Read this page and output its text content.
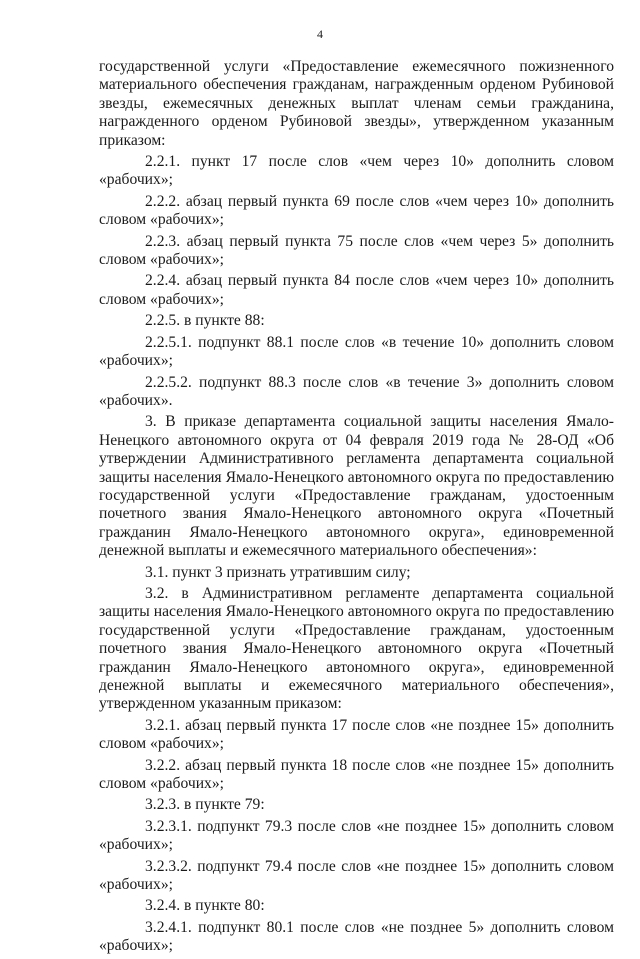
4

государственной услуги «Предоставление ежемесячного пожизненного материального обеспечения гражданам, награжденным орденом Рубиновой звезды, ежемесячных денежных выплат членам семьи гражданина, награжденного орденом Рубиновой звезды», утвержденном указанным приказом:

2.2.1. пункт 17 после слов «чем через 10» дополнить словом «рабочих»;

2.2.2. абзац первый пункта 69 после слов «чем через 10» дополнить словом «рабочих»;

2.2.3. абзац первый пункта 75 после слов «чем через 5» дополнить словом «рабочих»;

2.2.4. абзац первый пункта 84 после слов «чем через 10» дополнить словом «рабочих»;

2.2.5. в пункте 88:

2.2.5.1. подпункт 88.1 после слов «в течение 10» дополнить словом «рабочих»;

2.2.5.2. подпункт 88.3 после слов «в течение 3» дополнить словом «рабочих».

3. В приказе департамента социальной защиты населения Ямало-Ненецкого автономного округа от 04 февраля 2019 года № 28-ОД «Об утверждении Административного регламента департамента социальной защиты населения Ямало-Ненецкого автономного округа по предоставлению государственной услуги «Предоставление гражданам, удостоенным почетного звания Ямало-Ненецкого автономного округа «Почетный гражданин Ямало-Ненецкого автономного округа», единовременной денежной выплаты и ежемесячного материального обеспечения»:

3.1. пункт 3 признать утратившим силу;

3.2. в Административном регламенте департамента социальной защиты населения Ямало-Ненецкого автономного округа по предоставлению государственной услуги «Предоставление гражданам, удостоенным почетного звания Ямало-Ненецкого автономного округа «Почетный гражданин Ямало-Ненецкого автономного округа», единовременной денежной выплаты и ежемесячного материального обеспечения», утвержденном указанным приказом:

3.2.1. абзац первый пункта 17 после слов «не позднее 15» дополнить словом «рабочих»;

3.2.2. абзац первый пункта 18 после слов «не позднее 15» дополнить словом «рабочих»;

3.2.3. в пункте 79:

3.2.3.1. подпункт 79.3 после слов «не позднее 15» дополнить словом «рабочих»;

3.2.3.2. подпункт 79.4 после слов «не позднее 15» дополнить словом «рабочих»;

3.2.4. в пункте 80:

3.2.4.1. подпункт 80.1 после слов «не позднее 5» дополнить словом «рабочих»;
